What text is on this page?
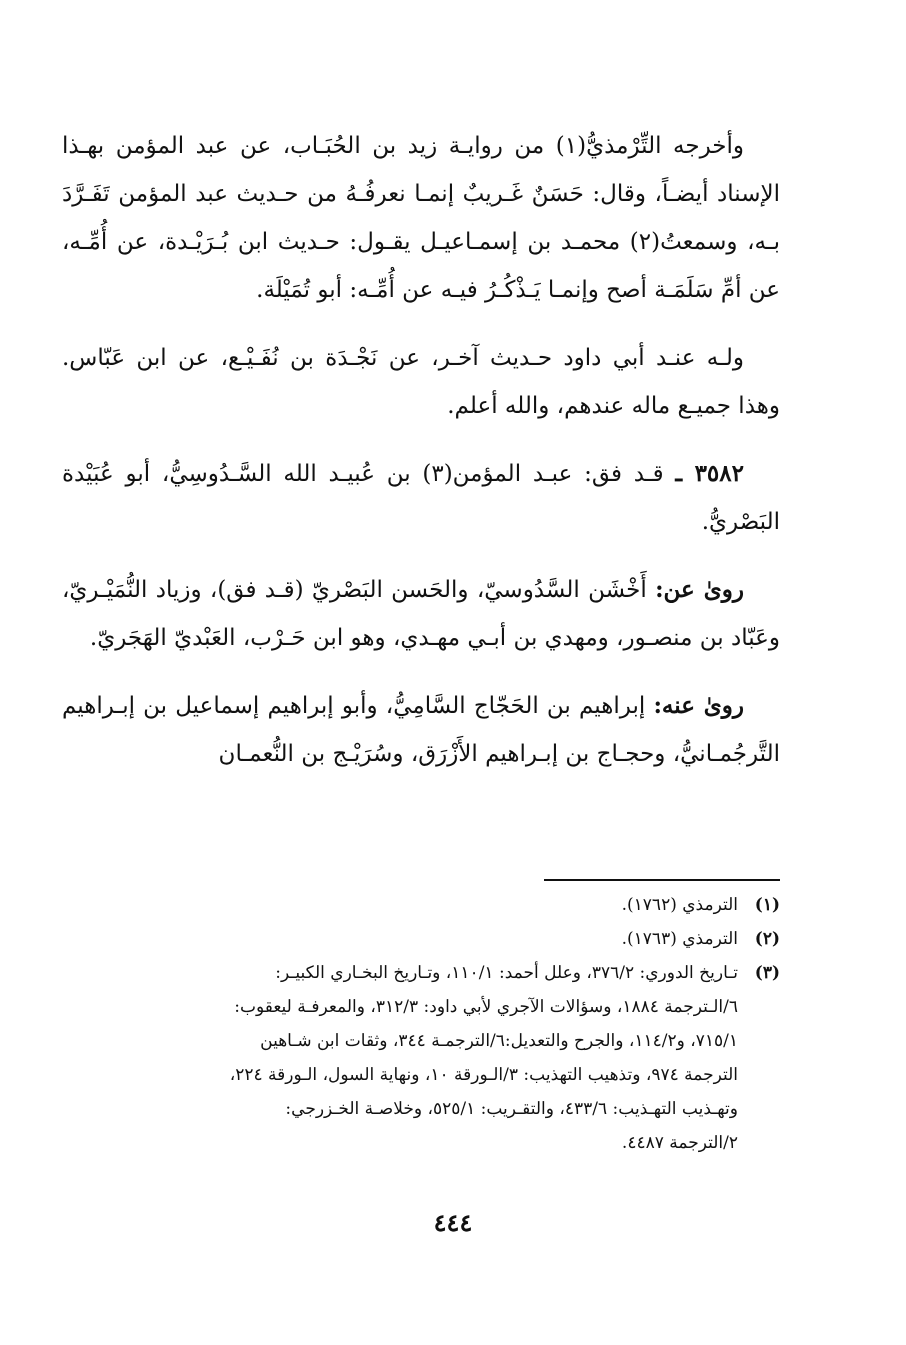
وأخرجه التِّرْمذيُّ(١) من روايـة زيد بن الحُبَـاب، عن عبد المؤمن بهـذا الإسناد أيضـاً، وقال: حَسَنٌ غَـريبٌ إنمـا نعرفُـهُ من حـديث عبد المؤمن تَفَـرَّدَ بـه، وسمعتُ(٢) محمـد بن إسمـاعيـل يقـول: حـديث ابن بُـرَيْـدة، عن أُمِّـه، عن أمِّ سَلَمَـة أصح وإنمـا يَـذْكُـرُ فيـه عن أُمِّـه: أبو تُمَيْلَة.

ولـه عنـد أبي داود حـديث آخـر، عن نَجْـدَة بن نُفَـيْـع، عن ابن عَبّاس. وهذا جميـع ماله عندهم، والله أعلم.

٣٥٨٢ ـ قـد فق: عبـد المؤمن(٣) بن عُبيـد الله السَّـدُوسِيُّ، أبو عُبَيْدة البَصْريُّ.

روىٰ عن: أَخْشَن السَّدُوسيّ، والحَسن البَصْريّ (قـد فق)، وزياد النُّمَيْـريّ، وعَبّاد بن منصـور، ومهدي بن أبـي مهـدي، وهو ابن حَـرْب، العَبْديّ الهَجَريّ.

روىٰ عنه: إبراهيم بن الحَجّاج السَّامِيُّ، وأبو إبراهيم إسماعيل بن إبـراهيم التَّرجُمـانيُّ، وحجـاج بن إبـراهيم الأَزْرَق، وسُرَيْـج بن النُّعمـان

(١)
الترمذي (١٧٦٢).
(٢)
الترمذي (١٧٦٣).
(٣)
تـاريخ الدوري: ٣٧٦/٢، وعلل أحمد: ١١٠/١، وتـاريخ البخـاري الكبيـر:
٦/الـترجمة ١٨٨٤، وسؤالات الآجري لأبي داود: ٣١٢/٣، والمعرفـة ليعقوب:
٧١٥/١، و١١٤/٢، والجرح والتعديل:٦/الترجمـة ٣٤٤، وثقات ابن شـاهين
الترجمة ٩٧٤، وتذهيب التهذيب: ٣/الـورقة ١٠، ونهاية السول، الـورقة ٢٢٤،
وتهـذيب التهـذيب: ٤٣٣/٦، والتقـريب: ٥٢٥/١، وخلاصـة الخـزرجي:
٢/الترجمة ٤٤٨٧.
٤٤٤
